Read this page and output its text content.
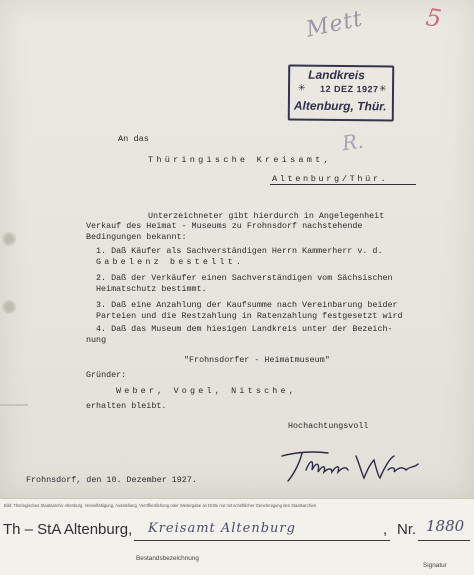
5
Mett
R.
Landkreis
✳ 12 DEZ 1927 ✳
Altenburg, Thür.
An das
Thüringische Kreisamt,
Altenburg/Thür.
Unterzeichneter gibt hierdurch in Angelegenheit
Verkauf des Heimat - Museums zu Frohnsdorf nachstehende
Bedingungen bekannt:
1. Daß Käufer als Sachverständigen Herrn Kammerherr v. d.
Gabelenz bestellt.
2. Daß der Verkäufer einen Sachverständigen vom Sächsischen
Heimatschutz bestimmt.
3. Daß eine Anzahlung der Kaufsumme nach Vereinbarung beider
Parteien und die Restzahlung in Ratenzahlung festgesetzt wird
4. Daß das Museum dem hiesigen Landkreis unter der Bezeich-
nung
"Frohnsdorfer - Heimatmuseum"
Gründer:
Weber, Vogel, Nitsche,
erhalten bleibt.
Hochachtungsvoll
Frohnsdorf, den 10. Dezember 1927.
Bild: Thüringisches Staatsarchiv Altenburg. Vervielfältigung, Ausstellung, Veröffentlichung oder Weitergabe an Dritte nur mit schriftlicher Genehmigung des Staatsarchivs
Th – StA Altenburg, Kreisamt Altenburg	, Nr. 1880
Bestandsbezeichnung
Signatur
